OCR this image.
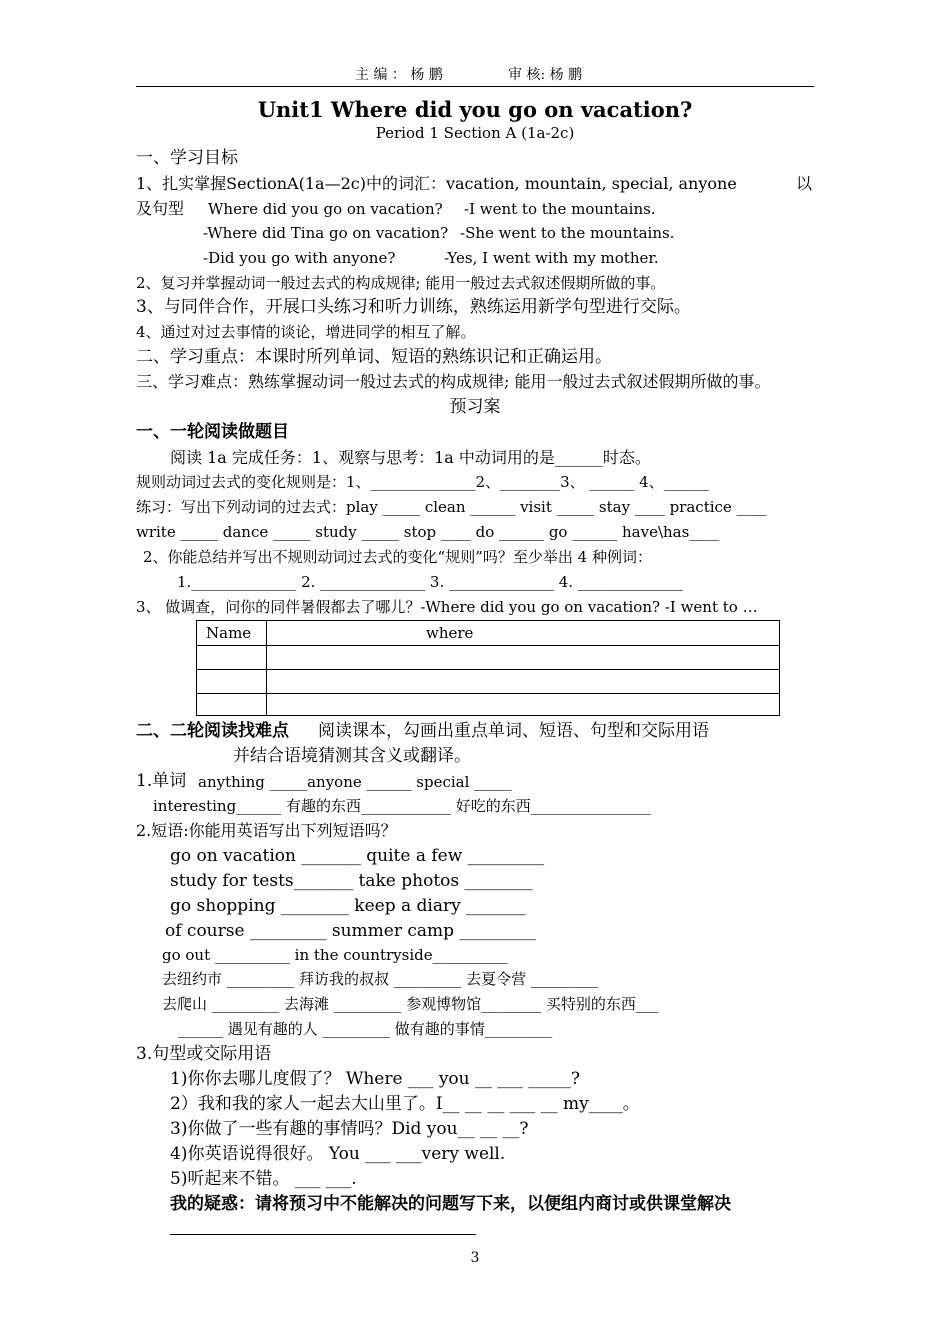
主 编 ： 杨 鹏	审 核: 杨 鹏
Unit1 Where did you go on vacation?
Period 1 Section A (1a-2c)
一、学习目标
1、扎实掌握SectionA(1a—2c)中的词汇：vacation, mountain, special, anyone	以
及句型 Where did you go on vacation? -I went to the mountains.
-Where did Tina go on vacation? -She went to the mountains.
-Did you go with anyone?	-Yes, I went with my mother.
2、复习并掌握动词一般过去式的构成规律; 能用一般过去式叙述假期所做的事。
3、与同伴合作，开展口头练习和听力训练，熟练运用新学句型进行交际。
4、通过对过去事情的谈论，增进同学的相互了解。
二、学习重点：本课时所列单词、短语的熟练识记和正确运用。
三、学习难点：熟练掌握动词一般过去式的构成规律; 能用一般过去式叙述假期所做的事。
预习案
一、一轮阅读做题目
阅读 1a 完成任务：1、观察与思考：1a 中动词用的是______时态。
规则动词过去式的变化规则是：1、______________2、________3、 ______ 4、______
练习：写出下列动词的过去式：play _____ clean ______ visit _____ stay ____ practice ____
write _____ dance _____ study _____ stop ____ do ______ go ______ have\has____
2、你能总结并写出不规则动词过去式的变化“规则”吗？至少举出 4 种例词：
1.______________ 2. ______________ 3. ______________ 4. ______________
3、 做调查，问你的同伴暑假都去了哪儿？-Where did you go on vacation? -I went to …
Name	where
二、二轮阅读找难点 阅读课本，勾画出重点单词、短语、句型和交际用语
并结合语境猜测其含义或翻译。
1.单词 anything _____anyone ______ special _____
interesting______ 有趣的东西____________ 好吃的东西________________
2.短语:你能用英语写出下列短语吗？
go on vacation _______ quite a few _________
study for tests_______ take photos ________
go shopping ________ keep a diary _______
of course _________ summer camp _________
go out __________ in the countryside__________
去纽约市 _________ 拜访我的叔叔 _________ 去夏令营 _________
去爬山 _________ 去海滩 _________ 参观博物馆________ 买特别的东西___
______ 遇见有趣的人 _________ 做有趣的事情_________
3.句型或交际用语
1)你你去哪儿度假了？ Where ___ you __ ___ _____?
2）我和我的家人一起去大山里了。I__ __ __ ___ __ my____。
3)你做了一些有趣的事情吗？Did you__ __ __?
4)你英语说得很好。 You ___ ___very well.
5)听起来不错。 ___ ___.
我的疑惑：请将预习中不能解决的问题写下来，以便组内商讨或供课堂解决
3
